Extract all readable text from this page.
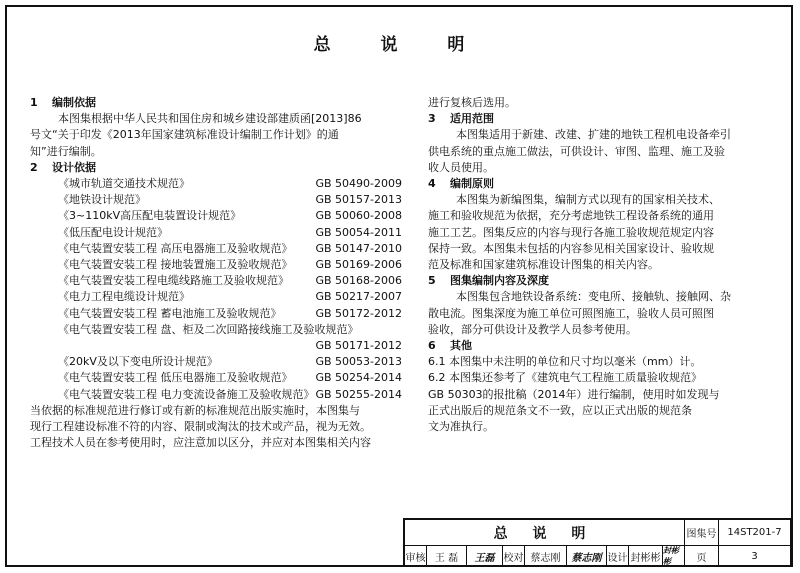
总 说 明
1 编制依据
本图集根据中华人民共和国住房和城乡建设部建质函[2013]86
号文“关于印发《2013年国家建筑标准设计编制工作计划》的通
知”进行编制。
2 设计依据
《城市轨道交通技术规范》	GB 50490-2009
《地铁设计规范》	GB 50157-2013
《3~110kV高压配电装置设计规范》	GB 50060-2008
《低压配电设计规范》	GB 50054-2011
《电气装置安装工程 高压电器施工及验收规范》 GB 50147-2010
《电气装置安装工程 接地装置施工及验收规范》 GB 50169-2006
《电气装置安装工程电缆线路施工及验收规范》 GB 50168-2006
《电力工程电缆设计规范》	GB 50217-2007
《电气装置安装工程 蓄电池施工及验收规范》	GB 50172-2012
《电气装置安装工程 盘、柜及二次回路接线施工及验收规范》
GB 50171-2012
《20kV及以下变电所设计规范》	GB 50053-2013
《电气装置安装工程 低压电器施工及验收规范》 GB 50254-2014
《电气装置安装工程 电力变流设备施工及验收规范》 GB 50255-2014
当依据的标准规范进行修订或有新的标准规范出版实施时，本图集与
现行工程建设标准不符的内容、限制或淘汰的技术或产品，视为无效。
工程技术人员在参考使用时，应注意加以区分，并应对本图集相关内容
进行复核后选用。
3 适用范围
本图集适用于新建、改建、扩建的地铁工程机电设备牵引
供电系统的重点施工做法，可供设计、审图、监理、施工及验
收人员使用。
4 编制原则
本图集为新编图集，编制方式以现有的国家相关技术、
施工和验收规范为依据，充分考虑地铁工程设备系统的通用
施工工艺。图集反应的内容与现行各施工验收规范规定内容
保持一致。本图集未包括的内容参见相关国家设计、验收规
范及标准和国家建筑标准设计图集的相关内容。
5 图集编制内容及深度
本图集包含地铁设备系统：变电所、接触轨、接触网、杂
散电流。图集深度为施工单位可照图施工，验收人员可照图
验收，部分可供设计及教学人员参考使用。
6 其他
6.1 本图集中未注明的单位和尺寸均以毫米（mm）计。
6.2 本图集还参考了《建筑电气工程施工质量验收规范》
GB 50303的报批稿（2014年）进行编制，使用时如发现与
正式出版后的规范条文不一致，应以正式出版的规范条
文为准执行。
总 说 明	图集号	14ST201-7
审核 王 磊	王磊 校对 蔡志刚	蔡志刚 设计 封彬彬
封彬彬	页	3
